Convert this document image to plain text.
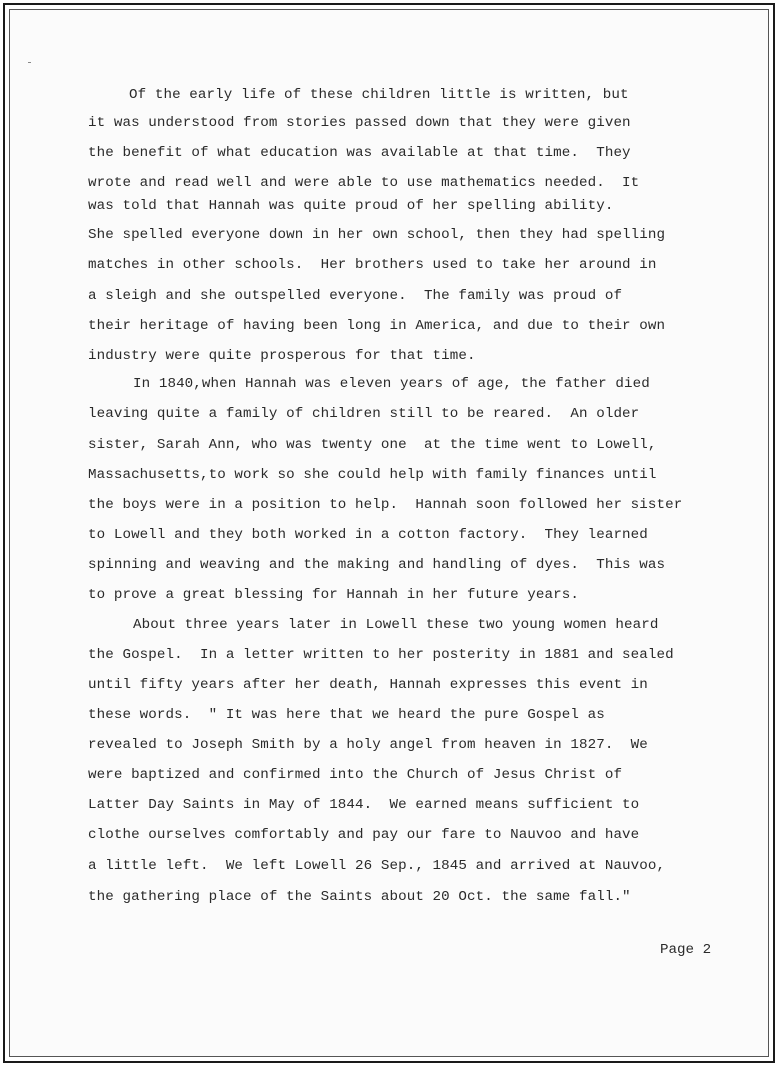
Of the early life of these children little is written, but
it was understood from stories passed down that they were given
the benefit of what education was available at that time.  They
wrote and read well and were able to use mathematics needed.  It
was told that Hannah was quite proud of her spelling ability.
She spelled everyone down in her own school, then they had spelling
matches in other schools.  Her brothers used to take her around in
a sleigh and she outspelled everyone.  The family was proud of
their heritage of having been long in America, and due to their own
industry were quite prosperous for that time.
In 1840,when Hannah was eleven years of age, the father died
leaving quite a family of children still to be reared.  An older
sister, Sarah Ann, who was twenty one  at the time went to Lowell,
Massachusetts,to work so she could help with family finances until
the boys were in a position to help.  Hannah soon followed her sister
to Lowell and they both worked in a cotton factory.  They learned
spinning and weaving and the making and handling of dyes.  This was
to prove a great blessing for Hannah in her future years.
About three years later in Lowell these two young women heard
the Gospel.  In a letter written to her posterity in 1881 and sealed
until fifty years after her death, Hannah expresses this event in
these words.  " It was here that we heard the pure Gospel as
revealed to Joseph Smith by a holy angel from heaven in 1827.  We
were baptized and confirmed into the Church of Jesus Christ of
Latter Day Saints in May of 1844.  We earned means sufficient to
clothe ourselves comfortably and pay our fare to Nauvoo and have
a little left.  We left Lowell 26 Sep., 1845 and arrived at Nauvoo,
the gathering place of the Saints about 20 Oct. the same fall."
Page 2
